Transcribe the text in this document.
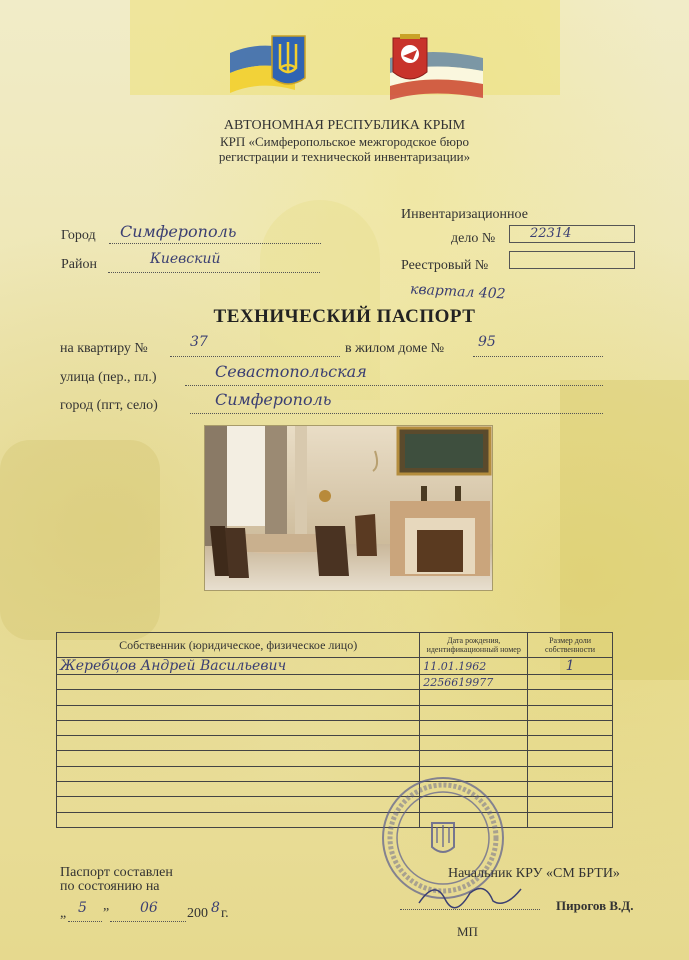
АВТОНОМНАЯ РЕСПУБЛИКА КРЫМ
КРП «Симферопольское межгородское бюро
регистрации и технической инвентаризации»
Город Симферополь
Район	Киевский
Инвентаризационное
дело №	22314
Реестровый №
квартал 402
ТЕХНИЧЕСКИЙ ПАСПОРТ
на квартиру №	37	в жилом доме № 95
улица (пер., пл.)	Севастопольская
город (пгт, село)	Симферополь
Собственник (юридическое, физическое лицо)	Дата рождения, идентификационный номер	Размер доли собственности
Жеребцов Андрей Васильевич	11.01.1962	1
	2256619977	

Паспорт составлен
по состоянию на
„ 5 ” 06 200 8 г.
Начальник КРУ «СМ БРТИ»
Пирогов В.Д.
МП
